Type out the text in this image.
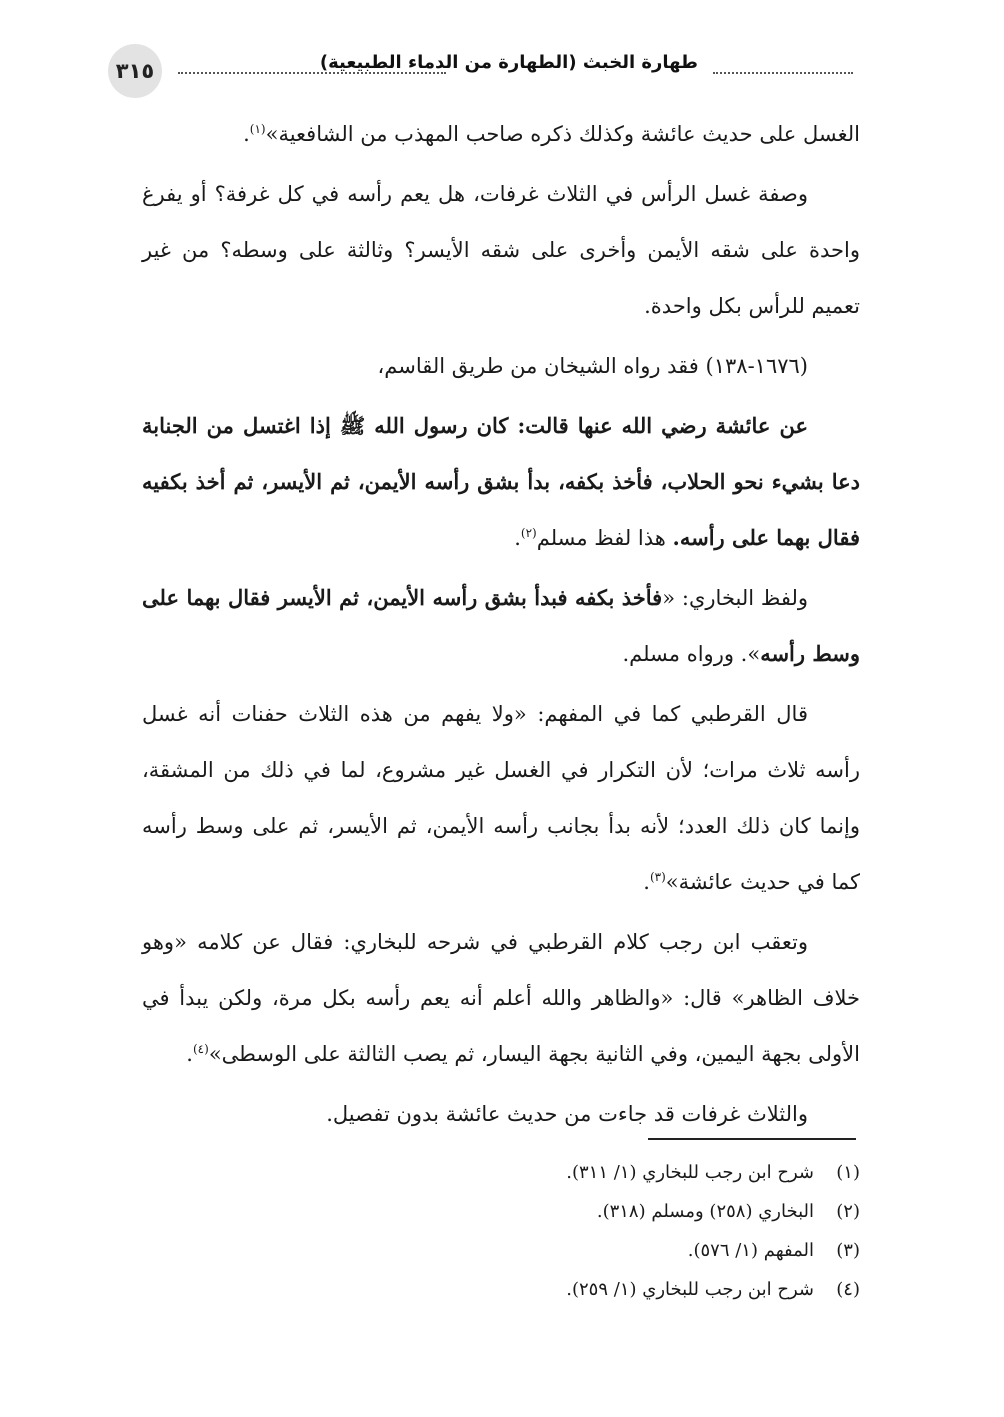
٣١٥	طهارة الخبث (الطهارة من الدماء الطبيعية)

الغسل على حديث عائشة وكذلك ذكره صاحب المهذب من الشافعية»$^{(١)}$.

وصفة غسل الرأس في الثلاث غرفات، هل يعم رأسه في كل غرفة؟ أو يفرغ واحدة على شقه الأيمن وأخرى على شقه الأيسر؟ وثالثة على وسطه؟ من غير تعميم للرأس بكل واحدة.

(١٦٧٦-١٣٨) فقد رواه الشيخان من طريق القاسم،

عن عائشة رضي الله عنها قالت: كان رسول الله ﷺ إذا اغتسل من الجنابة دعا بشيء نحو الحلاب، فأخذ بكفه، بدأ بشق رأسه الأيمن، ثم الأيسر، ثم أخذ بكفيه فقال بهما على رأسه. هذا لفظ مسلم$^{(٢)}$.

ولفظ البخاري: «فأخذ بكفه فبدأ بشق رأسه الأيمن، ثم الأيسر فقال بهما على وسط رأسه». ورواه مسلم.

قال القرطبي كما في المفهم: «ولا يفهم من هذه الثلاث حفنات أنه غسل رأسه ثلاث مرات؛ لأن التكرار في الغسل غير مشروع، لما في ذلك من المشقة، وإنما كان ذلك العدد؛ لأنه بدأ بجانب رأسه الأيمن، ثم الأيسر، ثم على وسط رأسه كما في حديث عائشة»$^{(٣)}$.

وتعقب ابن رجب كلام القرطبي في شرحه للبخاري: فقال عن كلامه «وهو خلاف الظاهر» قال: «والظاهر والله أعلم أنه يعم رأسه بكل مرة، ولكن يبدأ في الأولى بجهة اليمين، وفي الثانية بجهة اليسار، ثم يصب الثالثة على الوسطى»$^{(٤)}$.

والثلاث غرفات قد جاءت من حديث عائشة بدون تفصيل.

(١)شرح ابن رجب للبخاري (١/ ٣١١).
(٢)البخاري (٢٥٨) ومسلم (٣١٨).
(٣)المفهم (١/ ٥٧٦).
(٤)شرح ابن رجب للبخاري (١/ ٢٥٩).
